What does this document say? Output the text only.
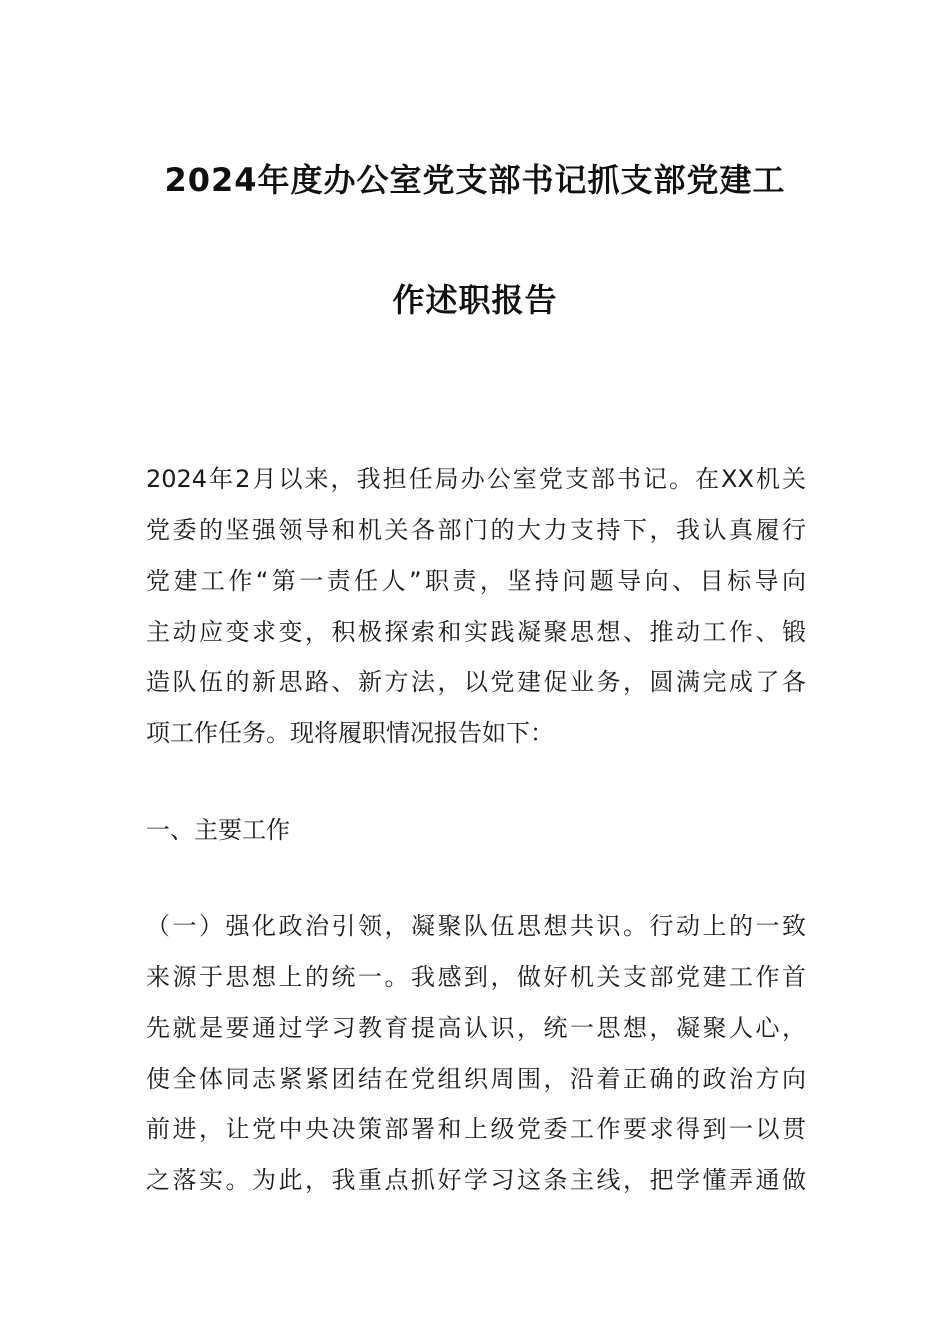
2024年度办公室党支部书记抓支部党建工
作述职报告
2024年2月以来，我担任局办公室党支部书记。在XX机关
党委的坚强领导和机关各部门的大力支持下，我认真履行
党建工作“第一责任人”职责，坚持问题导向、目标导向
主动应变求变，积极探索和实践凝聚思想、推动工作、锻
造队伍的新思路、新方法，以党建促业务，圆满完成了各
项工作任务。现将履职情况报告如下：
一、主要工作
（一）强化政治引领，凝聚队伍思想共识。行动上的一致
来源于思想上的统一。我感到，做好机关支部党建工作首
先就是要通过学习教育提高认识，统一思想，凝聚人心，
使全体同志紧紧团结在党组织周围，沿着正确的政治方向
前进，让党中央决策部署和上级党委工作要求得到一以贯
之落实。为此，我重点抓好学习这条主线，把学懂弄通做
